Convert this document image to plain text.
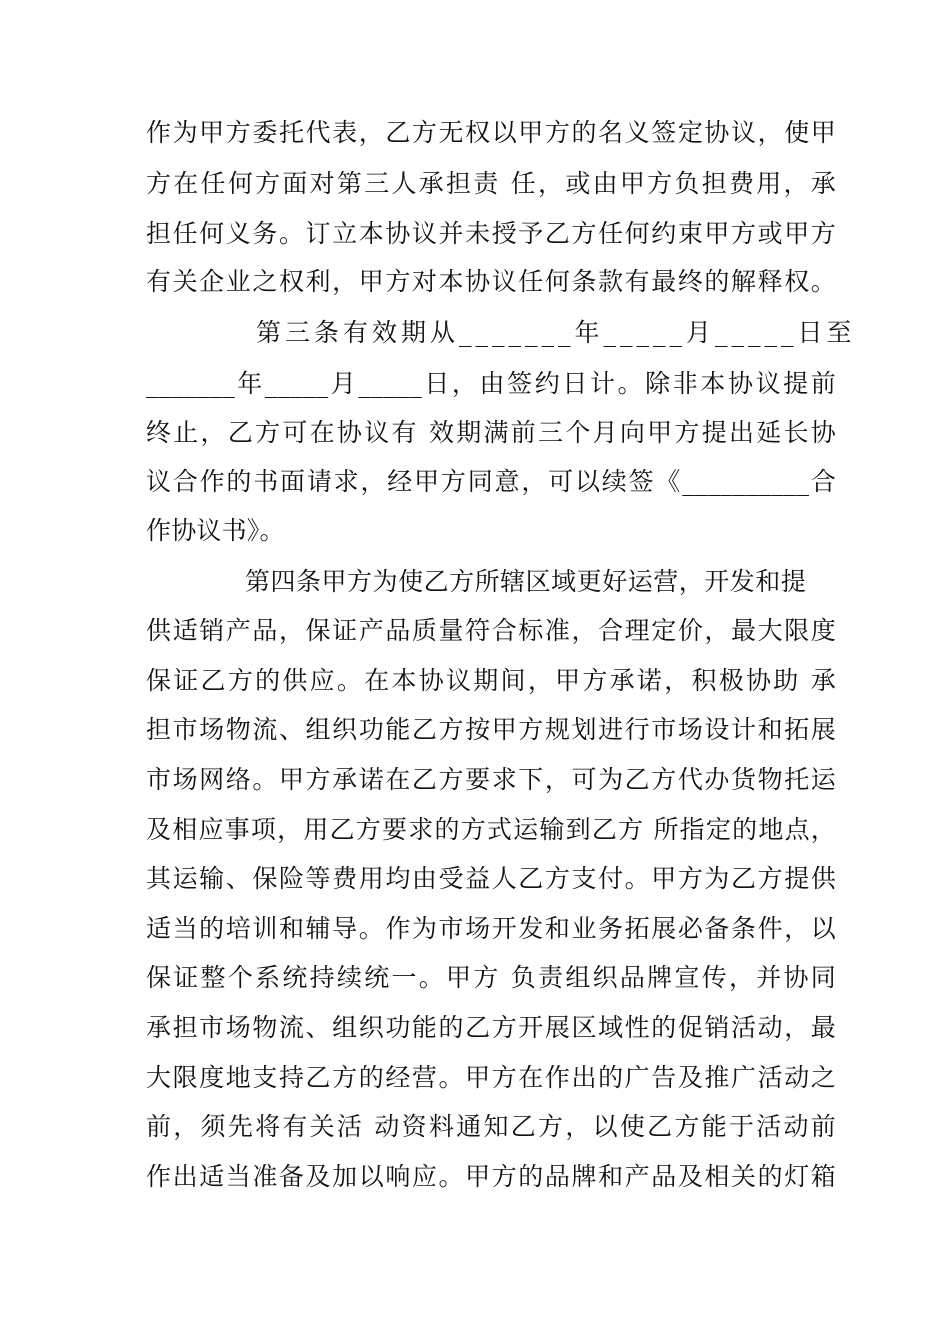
作为甲方委托代表，乙方无权以甲方的名义签定协议，使甲
方在任何方面对第三人承担责 任，或由甲方负担费用，承
担任何义务。订立本协议并未授予乙方任何约束甲方或甲方
有关企业之权利，甲方对本协议任何条款有最终的解释权。
第三条有效期从_______年_____月_____日至
_______年_____月_____日，由签约日计。除非本协议提前
终止，乙方可在协议有 效期满前三个月向甲方提出延长协
议合作的书面请求，经甲方同意，可以续签《__________合
作协议书》。
第四条甲方为使乙方所辖区域更好运营，开发和提
供适销产品，保证产品质量符合标准，合理定价，最大限度
保证乙方的供应。在本协议期间，甲方承诺，积极协助 承
担市场物流、组织功能乙方按甲方规划进行市场设计和拓展
市场网络。甲方承诺在乙方要求下，可为乙方代办货物托运
及相应事项，用乙方要求的方式运输到乙方 所指定的地点，
其运输、保险等费用均由受益人乙方支付。甲方为乙方提供
适当的培训和辅导。作为市场开发和业务拓展必备条件，以
保证整个系统持续统一。甲方 负责组织品牌宣传，并协同
承担市场物流、组织功能的乙方开展区域性的促销活动，最
大限度地支持乙方的经营。甲方在作出的广告及推广活动之
前，须先将有关活 动资料通知乙方，以使乙方能于活动前
作出适当准备及加以响应。甲方的品牌和产品及相关的灯箱
